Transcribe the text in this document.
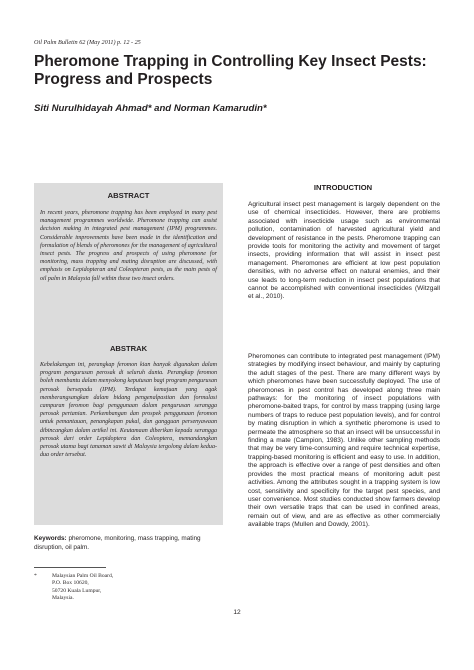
Oil Palm Bulletin 62 (May 2011) p. 12 - 25
Pheromone Trapping in Controlling Key Insect Pests: Progress and Prospects
Siti Nurulhidayah Ahmad* and Norman Kamarudin*
ABSTRACT

In recent years, pheromone trapping has been employed in many pest management programmes worldwide. Pheromone trapping can assist decision making in integrated pest management (IPM) programmes. Considerable improvements have been made in the identification and formulation of blends of pheromones for the management of agricultural insect pests. The progress and prospects of using pheromone for monitoring, mass trapping and mating disruption are discussed, with emphasis on Lepidopteran and Coleopteran pests, as the main pests of oil palm in Malaysia fall within these two insect orders.

ABSTRAK

Kebelakangan ini, perangkap feromon kian banyak digunakan dalam program pengurusan perosak di seluruh dunia. Perangkap feromon boleh membantu dalam menyokong keputusan bagi program pengurusan perosak bersepadu (IPM). Terdapat kemajuan yang agak memberangsangkan dalam bidang pengenalpastian dan formulasi campuran feromon bagi penggunaan dalam pengurusan serangga perosak pertanian. Perkembangan dan prospek penggunaan feromon untuk pemantauan, penangkapan pukal, dan gangguan persenyawaan dibincangkan dalam artikel ini. Keutamaan diberikan kepada serangga perosak dari order Lepidoptera dan Coleoptera, memandangkan perosak utama bagi tanaman sawit di Malaysia tergolong dalam kedua-dua order tersebut.

Keywords: pheromone, monitoring, mass trapping, mating disruption, oil palm.

*	Malaysian Palm Oil Board,
P.O. Box 10620,
50720 Kuala Lumpur,
Malaysia.
INTRODUCTION

Agricultural insect pest management is largely dependent on the use of chemical insecticides. However, there are problems associated with insecticide usage such as environmental pollution, contamination of harvested agricultural yield and development of resistance in the pests. Pheromone trapping can provide tools for monitoring the activity and movement of target insects, providing information that will assist in insect pest management. Pheromones are efficient at low pest population densities, with no adverse effect on natural enemies, and their use leads to long-term reduction in insect pest populations that cannot be accomplished with conventional insecticides (Witzgall et al., 2010).

Pheromones can contribute to integrated pest management (IPM) strategies by modifying insect behaviour, and mainly by capturing the adult stages of the pest. There are many different ways by which pheromones have been successfully deployed. The use of pheromones in pest control has developed along three main pathways: for the monitoring of insect populations with pheromone-baited traps, for control by mass trapping (using large numbers of traps to reduce pest population levels), and for control by mating disruption in which a synthetic pheromone is used to permeate the atmosphere so that an insect will be unsuccessful in finding a mate (Campion, 1983). Unlike other sampling methods that may be very time-consuming and require technical expertise, trapping-based monitoring is efficient and easy to use. In addition, the approach is effective over a range of pest densities and often provides the most practical means of monitoring adult pest activities. Among the attributes sought in a trapping system is low cost, sensitivity and specificity for the target pest species, and user convenience. Most studies conducted show farmers develop their own versatile traps that can be used in confined areas, remain out of view, and are as effective as other commercially available traps (Mullen and Dowdy, 2001).

12
